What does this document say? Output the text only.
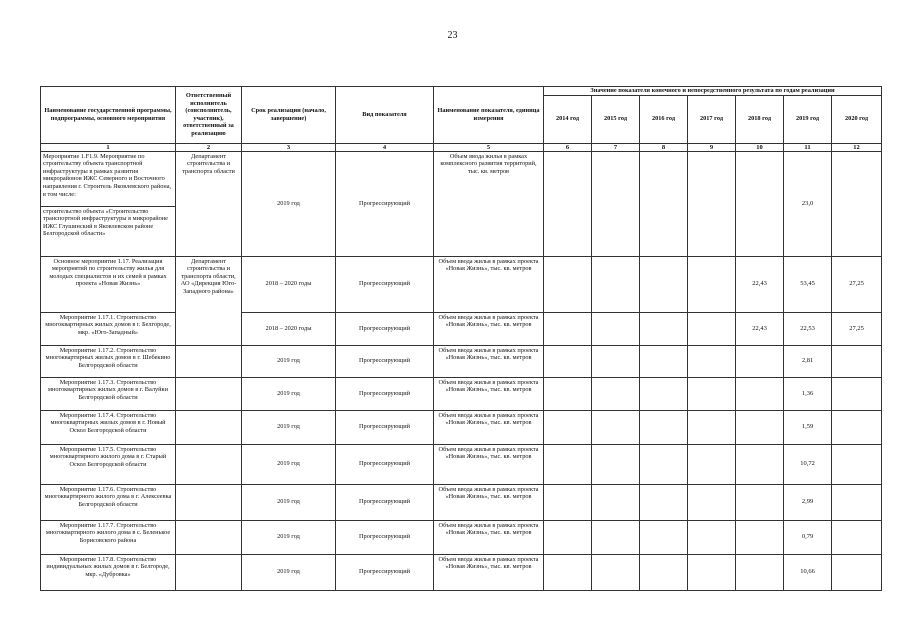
23
Наименование государственной программы, подпрограммы, основного мероприятия	Ответственный исполнитель (соисполнитель, участник), ответственный за реализацию	Срок реализации (начало, завершение)	Вид показателя	Наименование показателя, единица измерения	Значение показателя конечного и непосредственного результата по годам реализации						
					2014 год	2015 год	2016 год	2017 год	2018 год	2019 год	2020 год
1	2	3	4	5	6	7	8	9	10	11	12
Мероприятие 1.F1.9. Мероприятие по строительству объекта транспортной инфраструктуры в рамках развития микрорайонов ИЖС Северного и Восточного направления г. Строитель Яковлевского района, в том числе:	Департамент строительства и транспорта области	2019 год	Прогрессирующий	Объем ввода жилья в рамках комплексного развития территорий, тыс. кв. метров						23,0	
строительство объекта «Строительство транспортной инфраструктуры в микрорайоне ИЖС Глушинский в Яковлевском районе Белгородской области»											
Основное мероприятие 1.17. Реализация мероприятий по строительству жилья для молодых специалистов и их семей в рамках проекта «Новая Жизнь»	Департамент строительства и транспорта области, АО «Дирекция Юго-Западного района»	2018 – 2020 годы	Прогрессирующий	Объем ввода жилья в рамках проекта «Новая Жизнь», тыс. кв. метров					22,43	53,45	27,25
Мероприятие 1.17.1. Строительство многоквартирных жилых домов в г. Белгороде, мкр. «Юго-Западный»		2018 – 2020 годы	Прогрессирующий	Объем ввода жилья в рамках проекта «Новая Жизнь», тыс. кв. метров					22,43	22,53	27,25
Мероприятие 1.17.2. Строительство многоквартирных жилых домов в г. Шебекино Белгородской области		2019 год	Прогрессирующий	Объем ввода жилья в рамках проекта «Новая Жизнь», тыс. кв. метров						2,81	
Мероприятие 1.17.3. Строительство многоквартирных жилых домов в г. Валуйки Белгородской области		2019 год	Прогрессирующий	Объем ввода жилья в рамках проекта «Новая Жизнь», тыс. кв. метров						1,36	
Мероприятие 1.17.4. Строительство многоквартирных жилых домов в г. Новый Оскол Белгородской области		2019 год	Прогрессирующий	Объем ввода жилья в рамках проекта «Новая Жизнь», тыс. кв. метров						1,59	
Мероприятие 1.17.5. Строительство многоквартирного жилого дома в г. Старый Оскол Белгородской области		2019 год	Прогрессирующий	Объем ввода жилья в рамках проекта «Новая Жизнь», тыс. кв. метров						10,72	
Мероприятие 1.17.6. Строительство многоквартирного жилого дома в г. Алексеевка Белгородской области		2019 год	Прогрессирующий	Объем ввода жилья в рамках проекта «Новая Жизнь», тыс. кв. метров						2,99	
Мероприятие 1.17.7. Строительство многоквартирного жилого дома в с. Беленькое Борисовского района		2019 год	Прогрессирующий	Объем ввода жилья в рамках проекта «Новая Жизнь», тыс. кв. метров						0,79	
Мероприятие 1.17.8. Строительство индивидуальных жилых домов в г. Белгороде, мкр. «Дубровка»		2019 год	Прогрессирующий	Объем ввода жилья в рамках проекта «Новая Жизнь», тыс. кв. метров						10,66	
